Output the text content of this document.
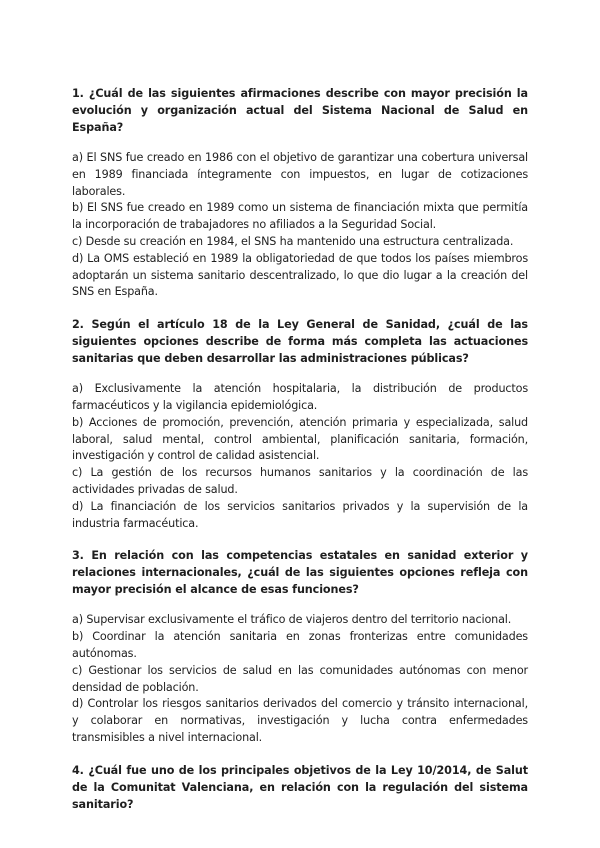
1. ¿Cuál de las siguientes afirmaciones describe con mayor precisión la evolución y organización actual del Sistema Nacional de Salud en España?

a) El SNS fue creado en 1986 con el objetivo de garantizar una cobertura universal en 1989 financiada íntegramente con impuestos, en lugar de cotizaciones laborales.

b) El SNS fue creado en 1989 como un sistema de financiación mixta que permitía la incorporación de trabajadores no afiliados a la Seguridad Social.

c) Desde su creación en 1984, el SNS ha mantenido una estructura centralizada.

d) La OMS estableció en 1989 la obligatoriedad de que todos los países miembros adoptarán un sistema sanitario descentralizado, lo que dio lugar a la creación del SNS en España.

2. Según el artículo 18 de la Ley General de Sanidad, ¿cuál de las siguientes opciones describe de forma más completa las actuaciones sanitarias que deben desarrollar las administraciones públicas?

a) Exclusivamente la atención hospitalaria, la distribución de productos farmacéuticos y la vigilancia epidemiológica.

b) Acciones de promoción, prevención, atención primaria y especializada, salud laboral, salud mental, control ambiental, planificación sanitaria, formación, investigación y control de calidad asistencial.

c) La gestión de los recursos humanos sanitarios y la coordinación de las actividades privadas de salud.

d) La financiación de los servicios sanitarios privados y la supervisión de la industria farmacéutica.

3. En relación con las competencias estatales en sanidad exterior y relaciones internacionales, ¿cuál de las siguientes opciones refleja con mayor precisión el alcance de esas funciones?

a) Supervisar exclusivamente el tráfico de viajeros dentro del territorio nacional.

b) Coordinar la atención sanitaria en zonas fronterizas entre comunidades autónomas.

c) Gestionar los servicios de salud en las comunidades autónomas con menor densidad de población.

d) Controlar los riesgos sanitarios derivados del comercio y tránsito internacional, y colaborar en normativas, investigación y lucha contra enfermedades transmisibles a nivel internacional.

4. ¿Cuál fue uno de los principales objetivos de la Ley 10/2014, de Salut de la Comunitat Valenciana, en relación con la regulación del sistema sanitario?
